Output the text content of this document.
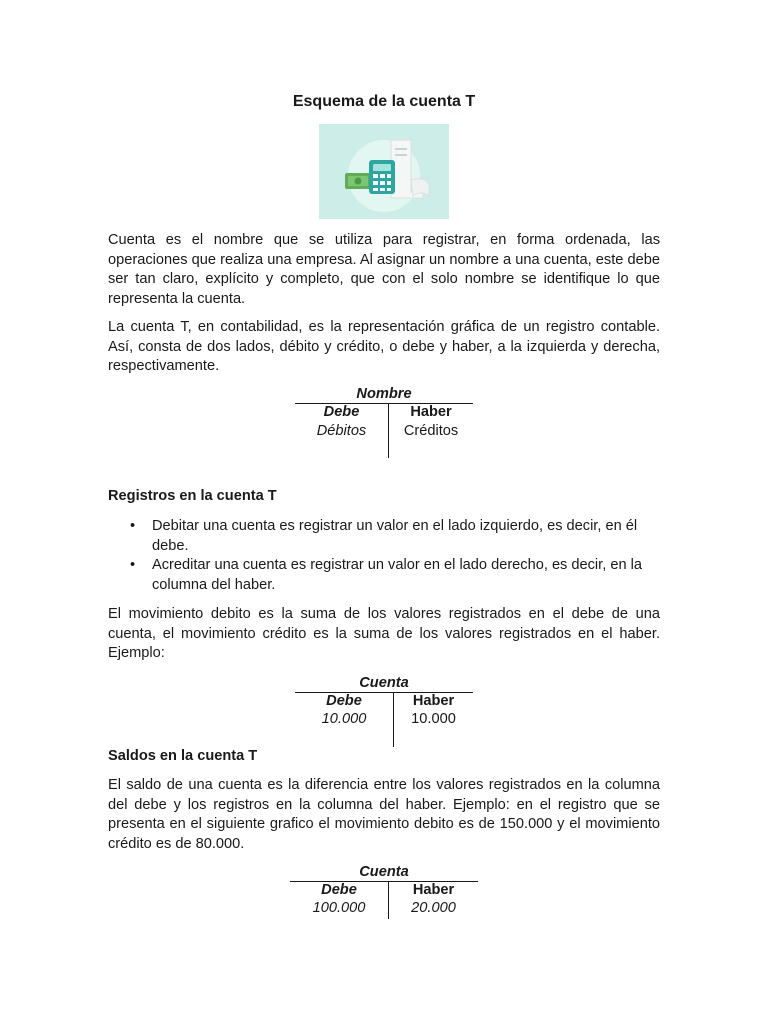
Esquema de la cuenta T

Cuenta es el nombre que se utiliza para registrar, en forma ordenada, las operaciones que realiza una empresa. Al asignar un nombre a una cuenta, este debe ser tan claro, explícito y completo, que con el solo nombre se identifique lo que representa la cuenta.

La cuenta T, en contabilidad, es la representación gráfica de un registro contable. Así, consta de dos lados, débito y crédito, o debe y haber, a la izquierda y derecha, respectivamente.

Nombre
Debe	Haber
Débitos	Créditos
Registros en la cuenta T
• Debitar una cuenta es registrar un valor en el lado izquierdo, es decir, en él debe.
• Acreditar una cuenta es registrar un valor en el lado derecho, es decir, en la columna del haber.

El movimiento debito es la suma de los valores registrados en el debe de una cuenta, el movimiento crédito es la suma de los valores registrados en el haber. Ejemplo:

Cuenta
Debe	Haber
10.000	10.000
Saldos en la cuenta T

El saldo de una cuenta es la diferencia entre los valores registrados en la columna del debe y los registros en la columna del haber. Ejemplo: en el registro que se presenta en el siguiente grafico el movimiento debito es de 150.000 y el movimiento crédito es de 80.000.

Cuenta
Debe	Haber
100.000	20.000
